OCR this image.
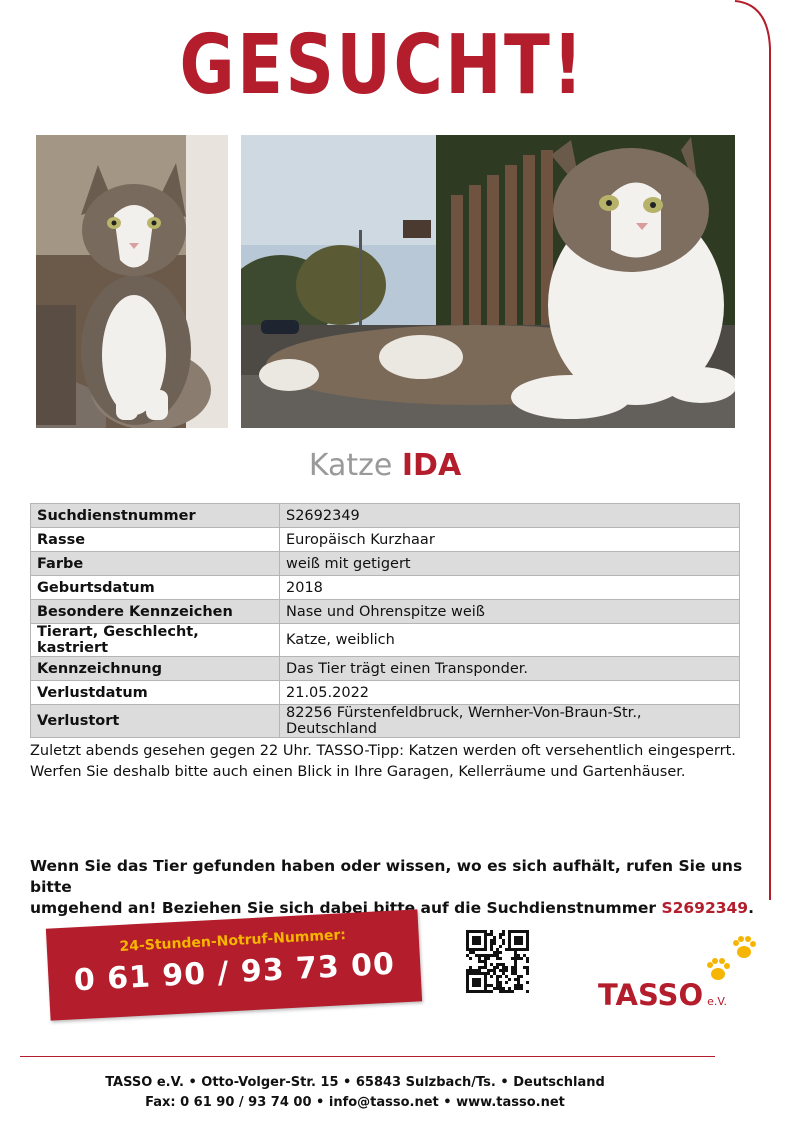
GESUCHT!
Katze IDA
Suchdienstnummer	S2692349
Rasse	Europäisch Kurzhaar
Farbe	weiß mit getigert
Geburtsdatum	2018
Besondere Kennzeichen	Nase und Ohrenspitze weiß
Tierart, Geschlecht, kastriert	Katze, weiblich
Kennzeichnung	Das Tier trägt einen Transponder.
Verlustdatum	21.05.2022
Verlustort	82256 Fürstenfeldbruck, Wernher-Von-Braun-Str., Deutschland
Zuletzt abends gesehen gegen 22 Uhr. TASSO-Tipp: Katzen werden oft versehentlich eingesperrt.
Werfen Sie deshalb bitte auch einen Blick in Ihre Garagen, Kellerräume und Gartenhäuser.
Wenn Sie das Tier gefunden haben oder wissen, wo es sich aufhält, rufen Sie uns bitte
umgehend an! Beziehen Sie sich dabei bitte auf die Suchdienstnummer S2692349.
24-Stunden-Notruf-Nummer:
0 61 90 / 93 73 00	TASSO e.V.
TASSO e.V. • Otto-Volger-Str. 15 • 65843 Sulzbach/Ts. • Deutschland
Fax: 0 61 90 / 93 74 00 • info@tasso.net • www.tasso.net
